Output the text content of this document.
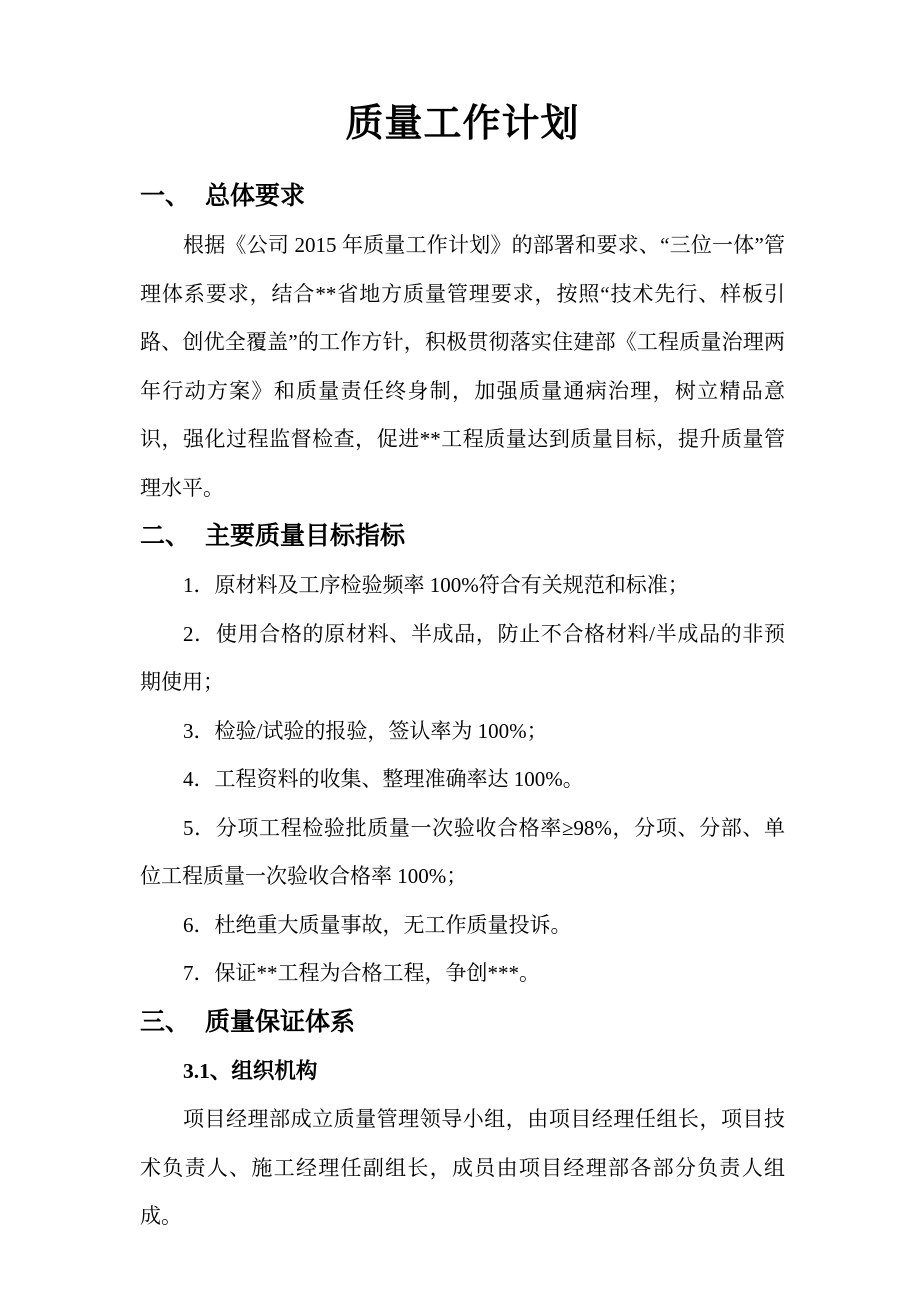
质量工作计划
一、 总体要求

根据《公司 2015 年质量工作计划》的部署和要求、“三位一体”管理体系要求，结合**省地方质量管理要求，按照“技术先行、样板引路、创优全覆盖”的工作方针，积极贯彻落实住建部《工程质量治理两年行动方案》和质量责任终身制，加强质量通病治理，树立精品意识，强化过程监督检查，促进**工程质量达到质量目标，提升质量管理水平。

二、 主要质量目标指标

1．原材料及工序检验频率 100%符合有关规范和标准；

2．使用合格的原材料、半成品，防止不合格材料/半成品的非预期使用；

3．检验/试验的报验，签认率为 100%；

4．工程资料的收集、整理准确率达 100%。

5．分项工程检验批质量一次验收合格率≥98%，分项、分部、单位工程质量一次验收合格率 100%；

6．杜绝重大质量事故，无工作质量投诉。

7．保证**工程为合格工程，争创***。

三、 质量保证体系
3.1、组织机构

项目经理部成立质量管理领导小组，由项目经理任组长，项目技术负责人、施工经理任副组长，成员由项目经理部各部分负责人组成。
